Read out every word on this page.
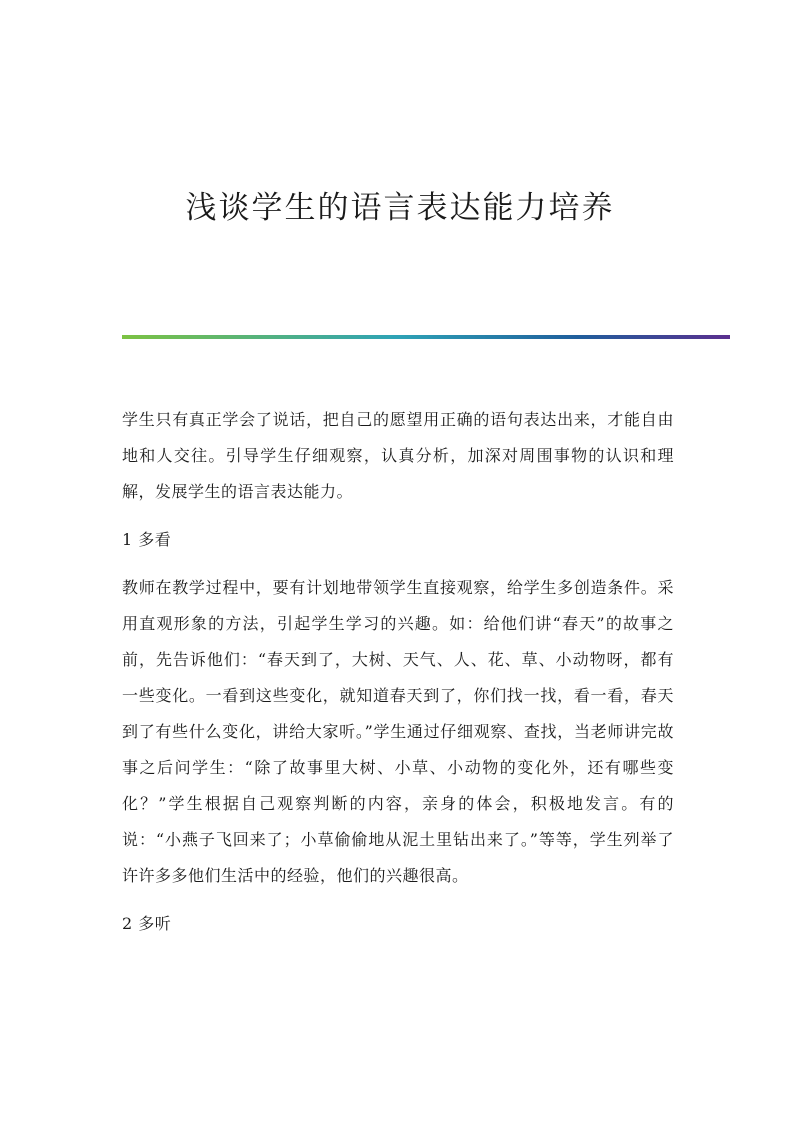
浅谈学生的语言表达能力培养

学生只有真正学会了说话，把自己的愿望用正确的语句表达出来，才能自由地和人交往。引导学生仔细观察，认真分析，加深对周围事物的认识和理解，发展学生的语言表达能力。

1 多看

教师在教学过程中，要有计划地带领学生直接观察，给学生多创造条件。采用直观形象的方法，引起学生学习的兴趣。如：给他们讲“春天”的故事之前，先告诉他们：“春天到了，大树、天气、人、花、草、小动物呀，都有一些变化。一看到这些变化，就知道春天到了，你们找一找，看一看，春天到了有些什么变化，讲给大家听。”学生通过仔细观察、查找，当老师讲完故事之后问学生：“除了故事里大树、小草、小动物的变化外，还有哪些变化？”学生根据自己观察判断的内容，亲身的体会，积极地发言。有的说：“小燕子飞回来了；小草偷偷地从泥土里钻出来了。”等等，学生列举了许许多多他们生活中的经验，他们的兴趣很高。

2 多听
